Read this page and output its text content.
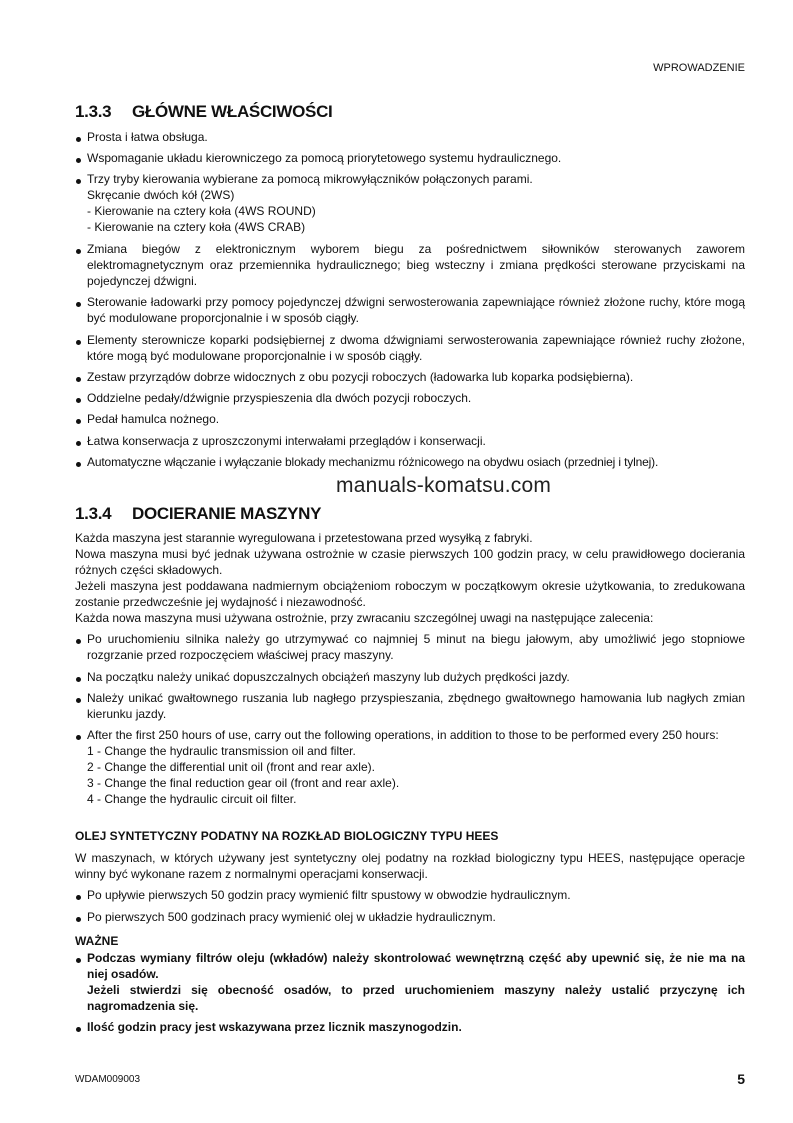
WPROWADZENIE
1.3.3 GŁÓWNE WŁAŚCIWOŚCI
Prosta i łatwa obsługa.
Wspomaganie układu kierowniczego za pomocą priorytetowego systemu hydraulicznego.
Trzy tryby kierowania wybierane za pomocą mikrowyłączników połączonych parami.
Skręcanie dwóch kół (2WS)
- Kierowanie na cztery koła (4WS ROUND)
- Kierowanie na cztery koła (4WS CRAB)
Zmiana biegów z elektronicznym wyborem biegu za pośrednictwem siłowników sterowanych zaworem elektromagnetycznym oraz przemiennika hydraulicznego; bieg wsteczny i zmiana prędkości sterowane przyciskami na pojedynczej dźwigni.
Sterowanie ładowarki przy pomocy pojedynczej dźwigni serwosterowania zapewniające również złożone ruchy, które mogą być modulowane proporcjonalnie i w sposób ciągły.
Elementy sterownicze koparki podsiębiernej z dwoma dźwigniami serwosterowania zapewniające również ruchy złożone, które mogą być modulowane proporcjonalnie i w sposób ciągły.
Zestaw przyrządów dobrze widocznych z obu pozycji roboczych (ładowarka lub koparka podsiębierna).
Oddzielne pedały/dźwignie przyspieszenia dla dwóch pozycji roboczych.
Pedał hamulca nożnego.
Łatwa konserwacja z uproszczonymi interwałami przeglądów i konserwacji.
Automatyczne włączanie i wyłączanie blokady mechanizmu różnicowego na obydwu osiach (przedniej i tylnej).
manuals-komatsu.com
1.3.4 DOCIERANIE MASZYNY
Każda maszyna jest starannie wyregulowana i przetestowana przed wysyłką z fabryki.
Nowa maszyna musi być jednak używana ostrożnie w czasie pierwszych 100 godzin pracy, w celu prawidłowego docierania różnych części składowych.
Jeżeli maszyna jest poddawana nadmiernym obciążeniom roboczym w początkowym okresie użytkowania, to zredukowana zostanie przedwcześnie jej wydajność i niezawodność.
Każda nowa maszyna musi używana ostrożnie, przy zwracaniu szczególnej uwagi na następujące zalecenia:
Po uruchomieniu silnika należy go utrzymywać co najmniej 5 minut na biegu jałowym, aby umożliwić jego stopniowe rozgrzanie przed rozpoczęciem właściwej pracy maszyny.
Na początku należy unikać dopuszczalnych obciążeń maszyny lub dużych prędkości jazdy.
Należy unikać gwałtownego ruszania lub nagłego przyspieszania, zbędnego gwałtownego hamowania lub nagłych zmian kierunku jazdy.
After the first 250 hours of use, carry out the following operations, in addition to those to be performed every 250 hours:
1 - Change the hydraulic transmission oil and filter.
2 - Change the differential unit oil (front and rear axle).
3 - Change the final reduction gear oil (front and rear axle).
4 - Change the hydraulic circuit oil filter.
OLEJ SYNTETYCZNY PODATNY NA ROZKŁAD BIOLOGICZNY TYPU HEES
W maszynach, w których używany jest syntetyczny olej podatny na rozkład biologiczny typu HEES, następujące operacje winny być wykonane razem z normalnymi operacjami konserwacji.
Po upływie pierwszych 50 godzin pracy wymienić filtr spustowy w obwodzie hydraulicznym.
Po pierwszych 500 godzinach pracy wymienić olej w układzie hydraulicznym.
WAŻNE
Podczas wymiany filtrów oleju (wkładów) należy skontrolować wewnętrzną część aby upewnić się, że nie ma na niej osadów.
Jeżeli stwierdzi się obecność osadów, to przed uruchomieniem maszyny należy ustalić przyczynę ich nagromadzenia się.
Ilość godzin pracy jest wskazywana przez licznik maszynogodzin.
WDAM009003	5
